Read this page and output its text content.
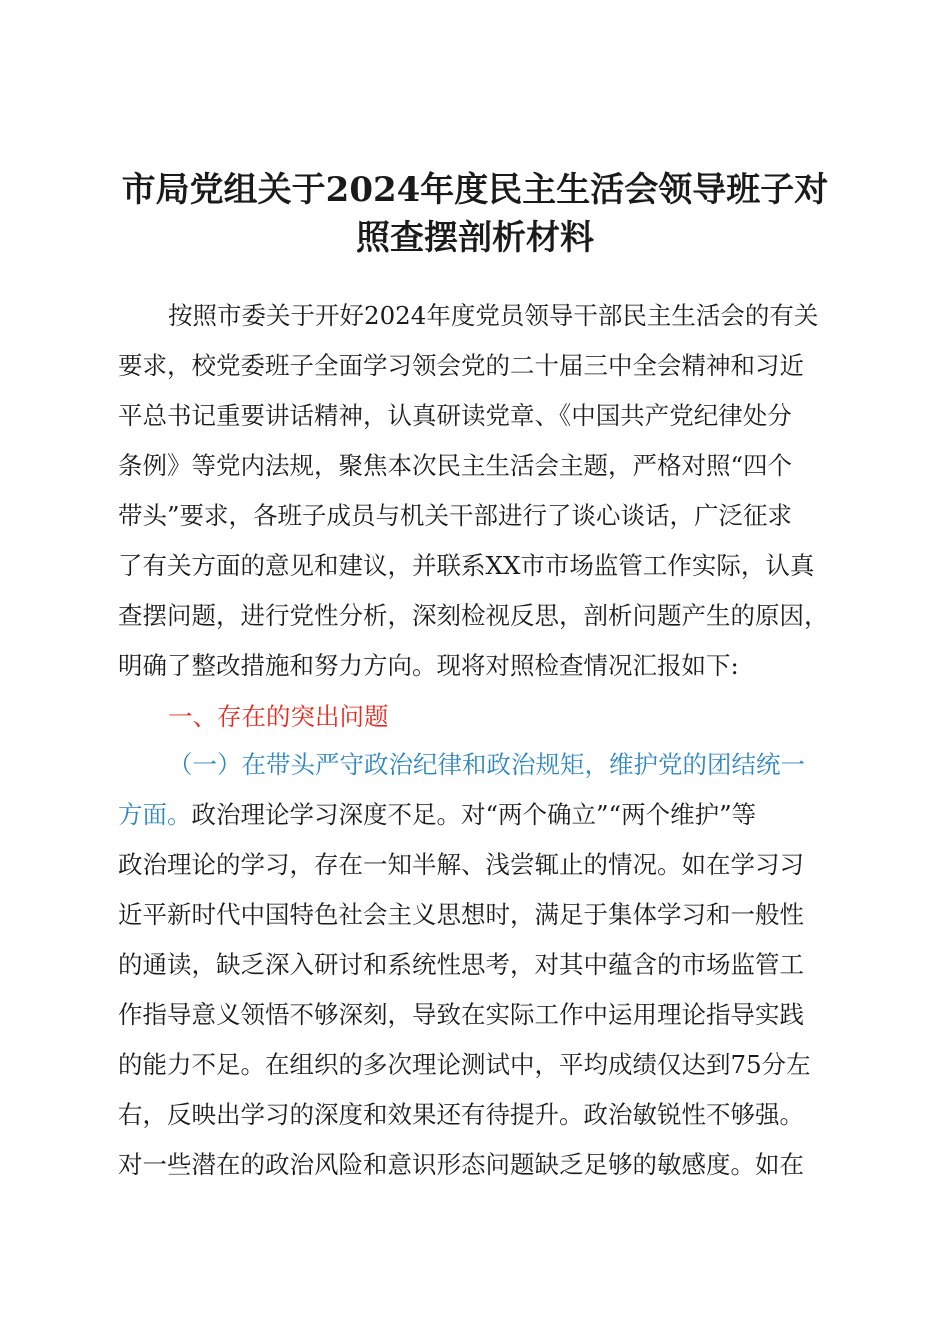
市局党组关于2024年度民主生活会领导班子对
照查摆剖析材料
按照市委关于开好2024年度党员领导干部民主生活会的有关
要求，校党委班子全面学习领会党的二十届三中全会精神和习近
平总书记重要讲话精神，认真研读党章、《中国共产党纪律处分
条例》等党内法规，聚焦本次民主生活会主题，严格对照“四个
带头”要求，各班子成员与机关干部进行了谈心谈话，广泛征求
了有关方面的意见和建议，并联系XX市市场监管工作实际，认真
查摆问题，进行党性分析，深刻检视反思，剖析问题产生的原因，
明确了整改措施和努力方向。现将对照检查情况汇报如下:
一、存在的突出问题
（一）在带头严守政治纪律和政治规矩，维护党的团结统一
方面。政治理论学习深度不足。对“两个确立”“两个维护”等
政治理论的学习，存在一知半解、浅尝辄止的情况。如在学习习
近平新时代中国特色社会主义思想时，满足于集体学习和一般性
的通读，缺乏深入研讨和系统性思考，对其中蕴含的市场监管工
作指导意义领悟不够深刻，导致在实际工作中运用理论指导实践
的能力不足。在组织的多次理论测试中，平均成绩仅达到75分左
右，反映出学习的深度和效果还有待提升。政治敏锐性不够强。
对一些潜在的政治风险和意识形态问题缺乏足够的敏感度。如在
